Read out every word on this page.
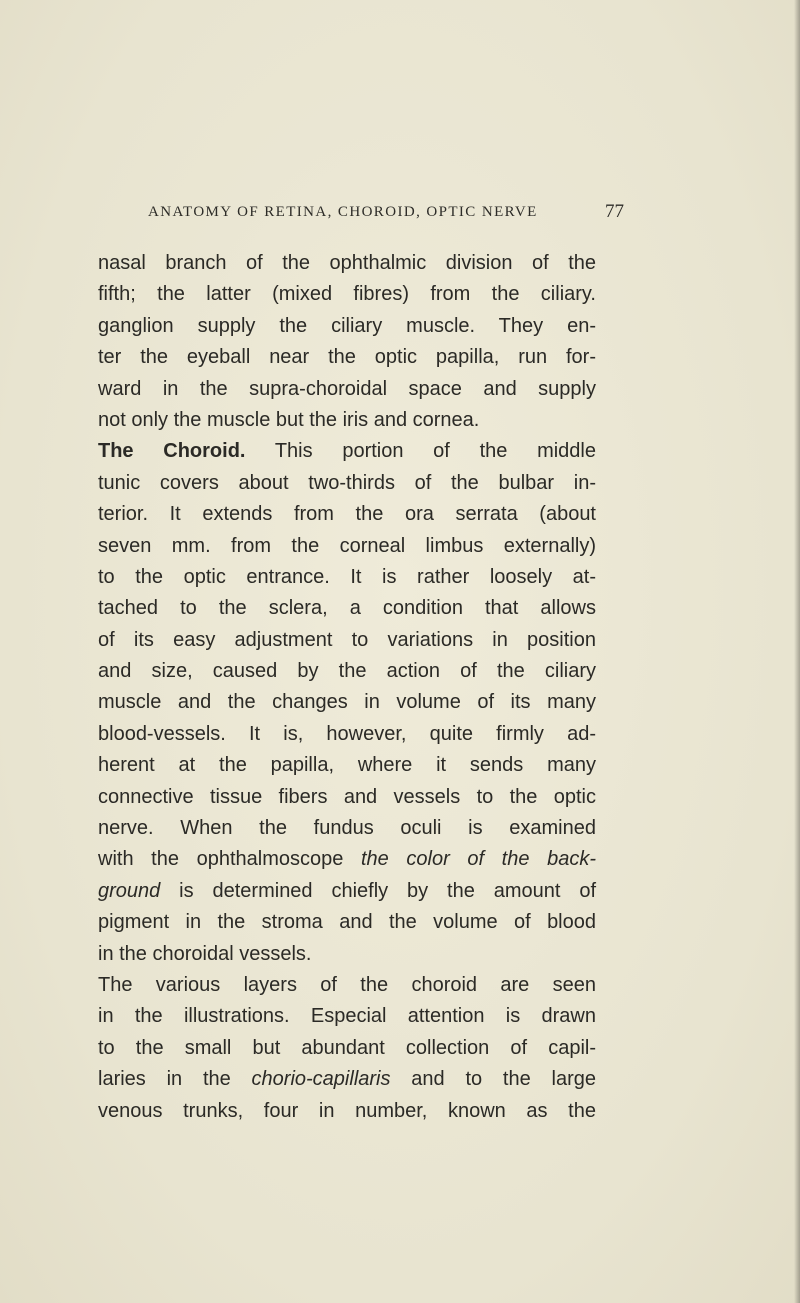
ANATOMY OF RETINA, CHOROID, OPTIC NERVE	77
nasal branch of the ophthalmic division of the
fifth; the latter (mixed fibres) from the ciliary.
ganglion supply the ciliary muscle. They en-
ter the eyeball near the optic papilla, run for-
ward in the supra-choroidal space and supply
not only the muscle but the iris and cornea.
The Choroid. This portion of the middle
tunic covers about two-thirds of the bulbar in-
terior. It extends from the ora serrata (about
seven mm. from the corneal limbus externally)
to the optic entrance. It is rather loosely at-
tached to the sclera, a condition that allows
of its easy adjustment to variations in position
and size, caused by the action of the ciliary
muscle and the changes in volume of its many
blood-vessels. It is, however, quite firmly ad-
herent at the papilla, where it sends many
connective tissue fibers and vessels to the optic
nerve. When the fundus oculi is examined
with the ophthalmoscope the color of the back-
ground is determined chiefly by the amount of
pigment in the stroma and the volume of blood
in the choroidal vessels.
The various layers of the choroid are seen
in the illustrations. Especial attention is drawn
to the small but abundant collection of capil-
laries in the chorio-capillaris and to the large
venous trunks, four in number, known as the
